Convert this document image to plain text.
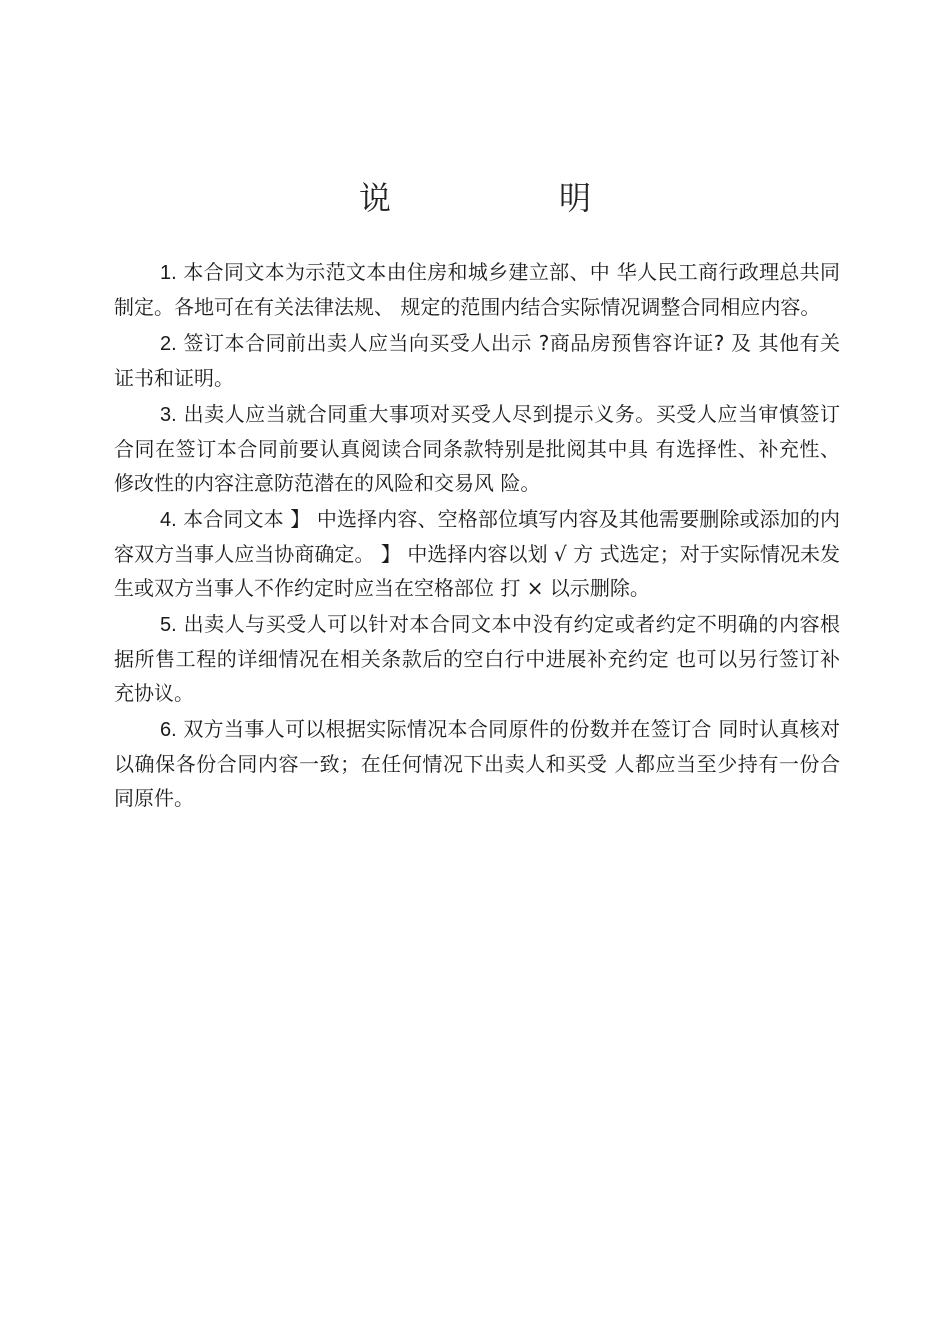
说　明

1. 本合同文本为示范文本由住房和城乡建立部、中 华人民工商行政理总共同制定。各地可在有关法律法规、 规定的范围内结合实际情况调整合同相应内容。

2. 签订本合同前出卖人应当向买受人出示 ?商品房预售容许证? 及 其他有关证书和证明。

3. 出卖人应当就合同重大事项对买受人尽到提示义务。买受人应当审慎签订合同在签订本合同前要认真阅读合同条款特别是批阅其中具 有选择性、补充性、修改性的内容注意防范潜在的风险和交易风 险。

4. 本合同文本 】 中选择内容、空格部位填写内容及其他需要删除或添加的内容双方当事人应当协商确定。 】 中选择内容以划 √ 方 式选定；对于实际情况未发生或双方当事人不作约定时应当在空格部位 打 × 以示删除。

5. 出卖人与买受人可以针对本合同文本中没有约定或者约定不明确的内容根据所售工程的详细情况在相关条款后的空白行中进展补充约定 也可以另行签订补充协议。

6. 双方当事人可以根据实际情况本合同原件的份数并在签订合 同时认真核对以确保各份合同内容一致；在任何情况下出卖人和买受 人都应当至少持有一份合同原件。
